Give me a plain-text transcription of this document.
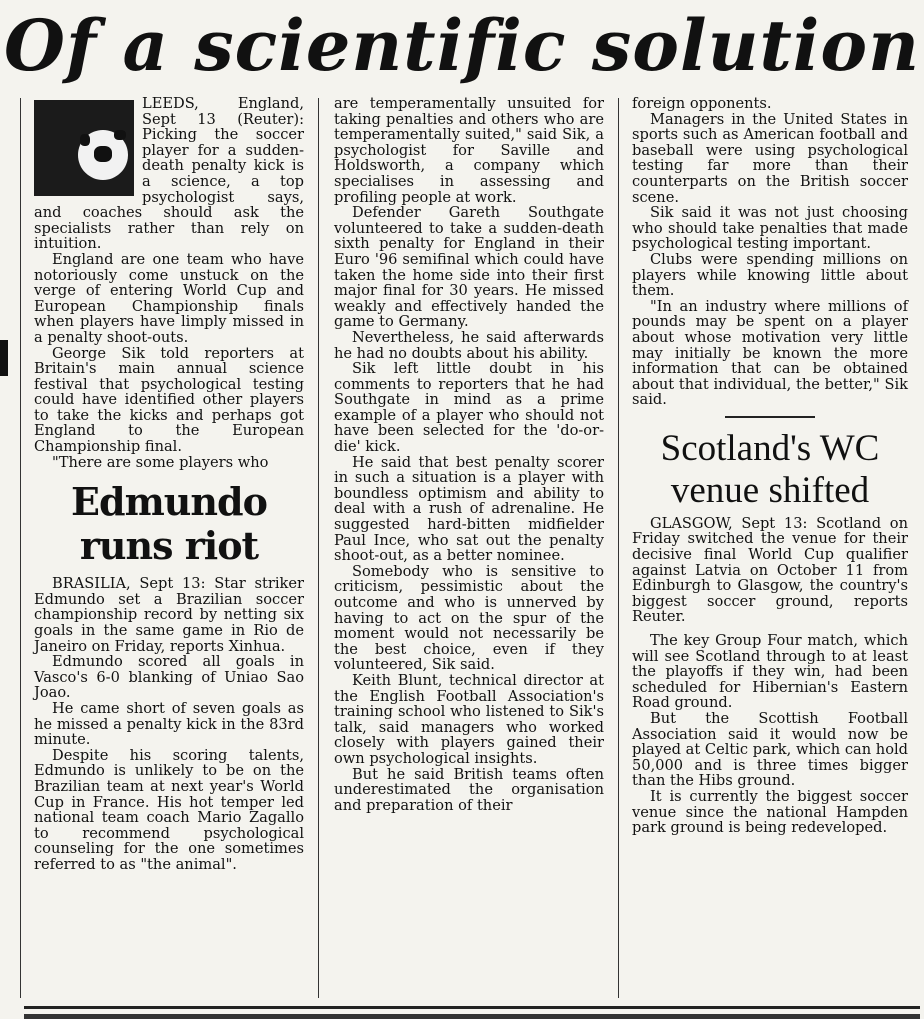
Of a scientific solution

LEEDS, England, Sept 13 (Reuter): Picking the soccer player for a sudden-death penalty kick is a science, a top psychologist says, and coaches should ask the specialists rather than rely on intuition.

England are one team who have notoriously come unstuck on the verge of entering World Cup and European Championship finals when players have limply missed in a penalty shoot-outs.

George Sik told reporters at Britain's main annual science festival that psychological testing could have identified other players to take the kicks and perhaps got England to the European Championship final.

"There are some players who

Edmundo
runs riot

BRASILIA, Sept 13: Star striker Edmundo set a Brazilian soccer championship record by netting six goals in the same game in Rio de Janeiro on Friday, reports Xinhua.

Edmundo scored all goals in Vasco's 6-0 blanking of Uniao Sao Joao.

He came short of seven goals as he missed a penalty kick in the 83rd minute.

Despite his scoring talents, Edmundo is unlikely to be on the Brazilian team at next year's World Cup in France. His hot temper led national team coach Mario Zagallo to recommend psychological counseling for the one sometimes referred to as "the animal".

are temperamentally unsuited for taking penalties and others who are temperamentally suited," said Sik, a psychologist for Saville and Holdsworth, a company which specialises in assessing and profiling people at work.

Defender Gareth Southgate volunteered to take a sudden-death sixth penalty for England in their Euro '96 semifinal which could have taken the home side into their first major final for 30 years. He missed weakly and effectively handed the game to Germany.

Nevertheless, he said afterwards he had no doubts about his ability.

Sik left little doubt in his comments to reporters that he had Southgate in mind as a prime example of a player who should not have been selected for the 'do-or-die' kick.

He said that best penalty scorer in such a situation is a player with boundless optimism and ability to deal with a rush of adrenaline. He suggested hard-bitten midfielder Paul Ince, who sat out the penalty shoot-out, as a better nominee.

Somebody who is sensitive to criticism, pessimistic about the outcome and who is unnerved by having to act on the spur of the moment would not necessarily be the best choice, even if they volunteered, Sik said.

Keith Blunt, technical director at the English Football Association's training school who listened to Sik's talk, said managers who worked closely with players gained their own psychological insights.

But he said British teams often underestimated the organisation and preparation of their

foreign opponents.

Managers in the United States in sports such as American football and baseball were using psychological testing far more than their counterparts on the British soccer scene.

Sik said it was not just choosing who should take penalties that made psychological testing important.

Clubs were spending millions on players while knowing little about them.

"In an industry where millions of pounds may be spent on a player about whose motivation very little may initially be known the more information that can be obtained about that individual, the better," Sik said.

Scotland's WC
venue shifted

GLASGOW, Sept 13: Scotland on Friday switched the venue for their decisive final World Cup qualifier against Latvia on October 11 from Edinburgh to Glasgow, the country's biggest soccer ground, reports Reuter.

The key Group Four match, which will see Scotland through to at least the playoffs if they win, had been scheduled for Hibernian's Eastern Road ground.

But the Scottish Football Association said it would now be played at Celtic park, which can hold 50,000 and is three times bigger than the Hibs ground.

It is currently the biggest soccer venue since the national Hampden park ground is being redeveloped.
